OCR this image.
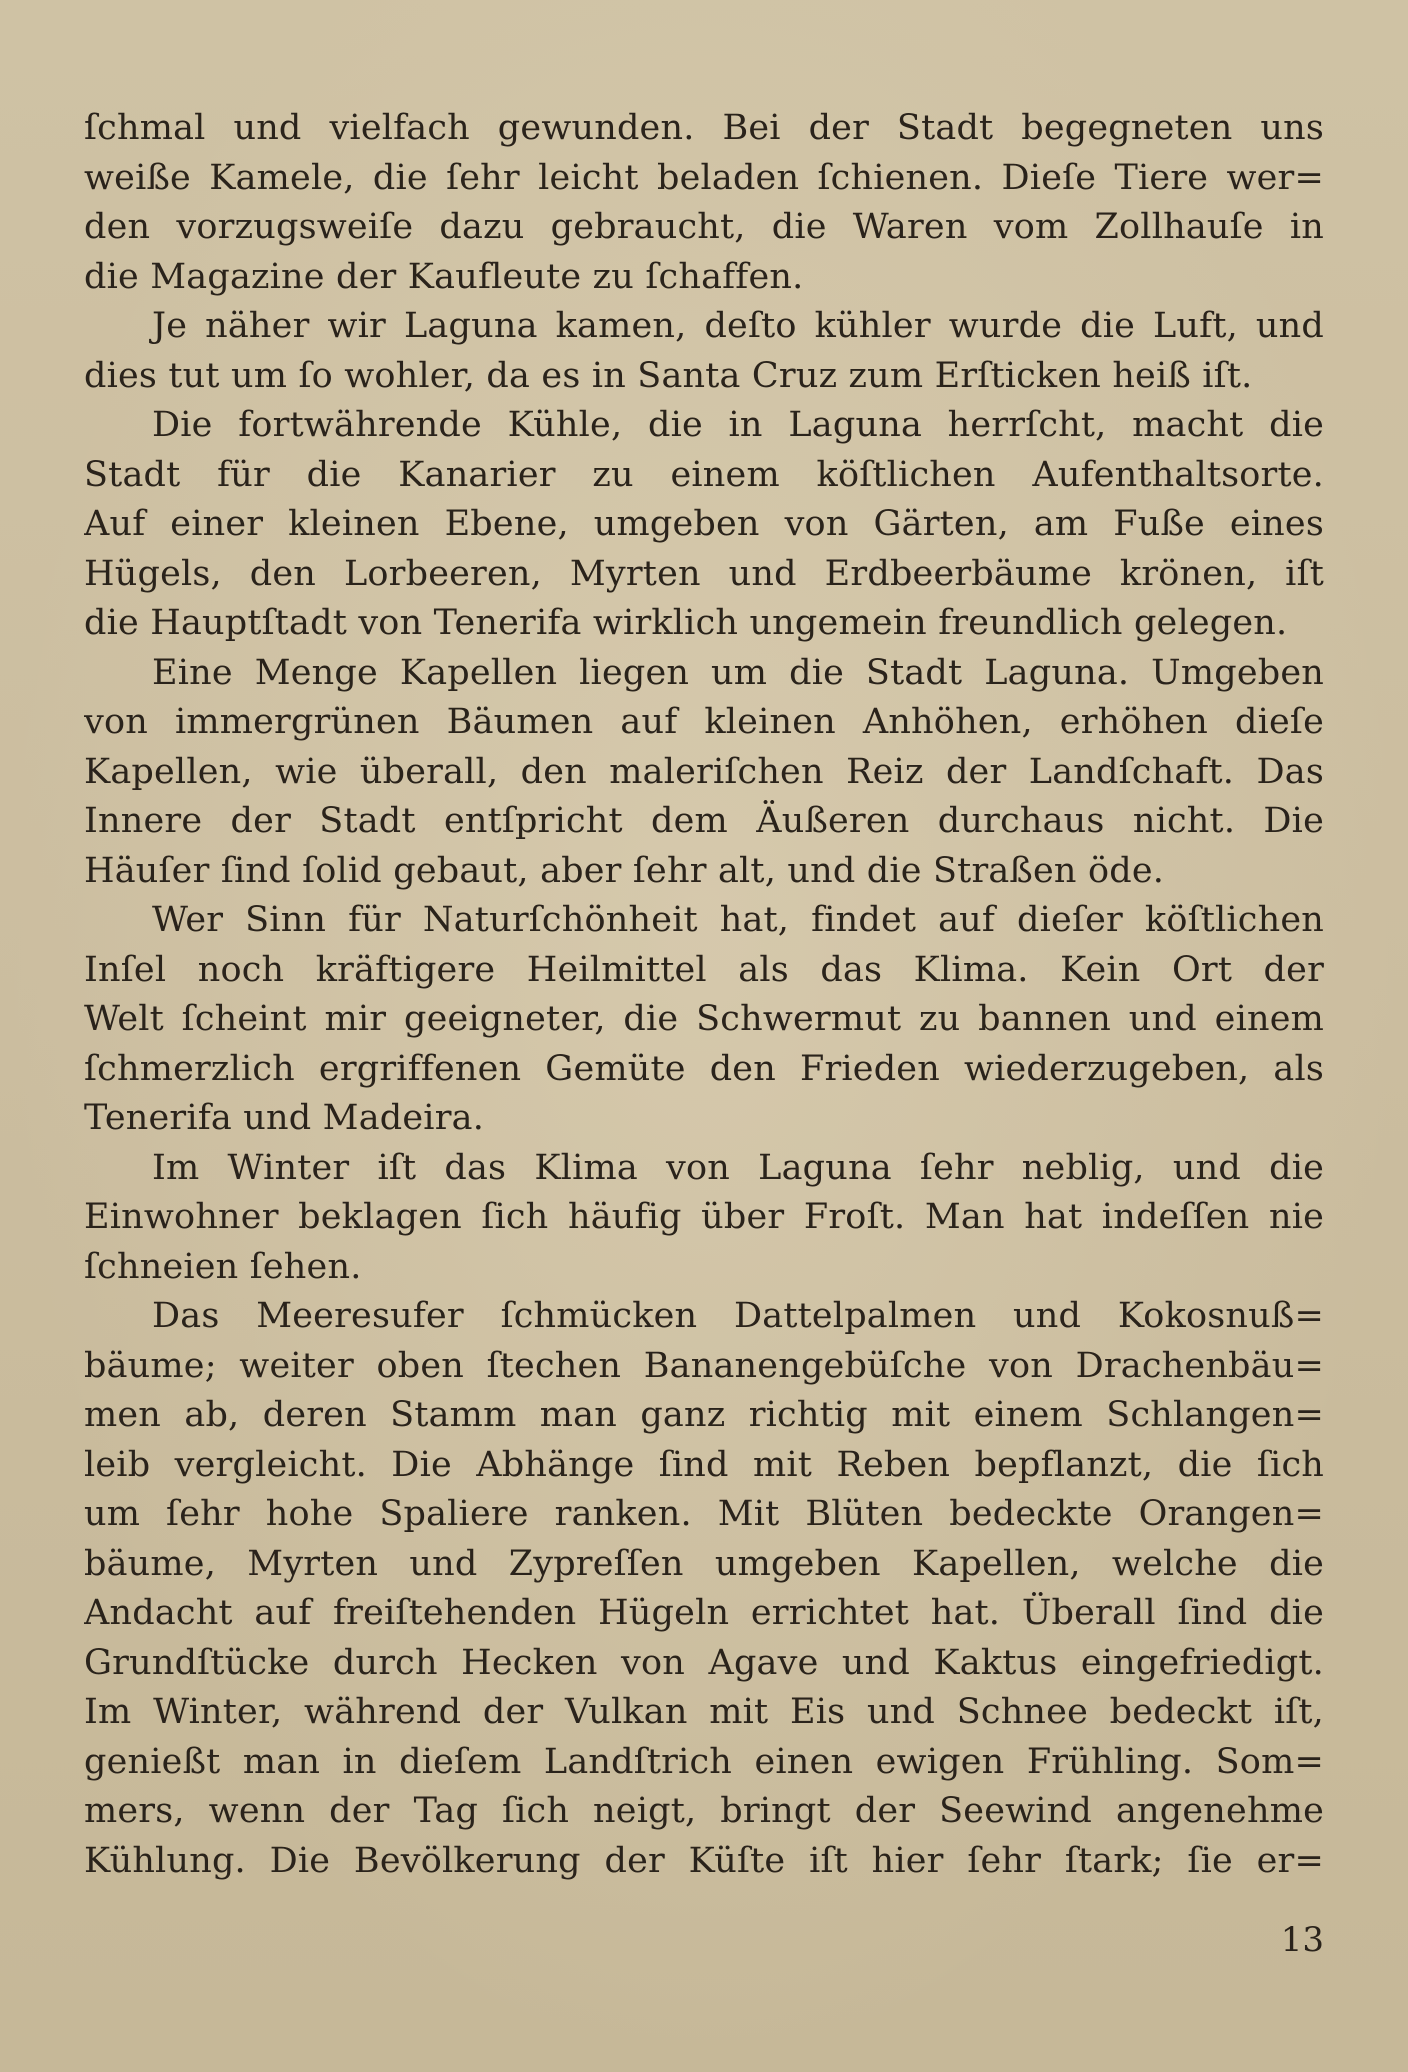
ſchmal und vielfach gewunden. Bei der Stadt begegneten uns
weiße Kamele, die ſehr leicht beladen ſchienen. Dieſe Tiere wer=
den vorzugsweiſe dazu gebraucht, die Waren vom Zollhauſe in
die Magazine der Kaufleute zu ſchaffen.
Je näher wir Laguna kamen, deſto kühler wurde die Luft, und
dies tut um ſo wohler, da es in Santa Cruz zum Erſticken heiß iſt.
Die fortwährende Kühle, die in Laguna herrſcht, macht die
Stadt für die Kanarier zu einem köſtlichen Aufenthaltsorte.
Auf einer kleinen Ebene, umgeben von Gärten, am Fuße eines
Hügels, den Lorbeeren, Myrten und Erdbeerbäume krönen, iſt
die Hauptſtadt von Tenerifa wirklich ungemein freundlich gelegen.
Eine Menge Kapellen liegen um die Stadt Laguna. Umgeben
von immergrünen Bäumen auf kleinen Anhöhen, erhöhen dieſe
Kapellen, wie überall, den maleriſchen Reiz der Landſchaft. Das
Innere der Stadt entſpricht dem Äußeren durchaus nicht. Die
Häuſer ſind ſolid gebaut, aber ſehr alt, und die Straßen öde.
Wer Sinn für Naturſchönheit hat, findet auf dieſer köſtlichen
Inſel noch kräftigere Heilmittel als das Klima. Kein Ort der
Welt ſcheint mir geeigneter, die Schwermut zu bannen und einem
ſchmerzlich ergriffenen Gemüte den Frieden wiederzugeben, als
Tenerifa und Madeira.
Im Winter iſt das Klima von Laguna ſehr neblig, und die
Einwohner beklagen ſich häufig über Froſt. Man hat indeſſen nie
ſchneien ſehen.
Das Meeresufer ſchmücken Dattelpalmen und Kokosnuß=
bäume; weiter oben ſtechen Bananengebüſche von Drachenbäu=
men ab, deren Stamm man ganz richtig mit einem Schlangen=
leib vergleicht. Die Abhänge ſind mit Reben bepflanzt, die ſich
um ſehr hohe Spaliere ranken. Mit Blüten bedeckte Orangen=
bäume, Myrten und Zypreſſen umgeben Kapellen, welche die
Andacht auf freiſtehenden Hügeln errichtet hat. Überall ſind die
Grundſtücke durch Hecken von Agave und Kaktus eingefriedigt.
Im Winter, während der Vulkan mit Eis und Schnee bedeckt iſt,
genießt man in dieſem Landſtrich einen ewigen Frühling. Som=
mers, wenn der Tag ſich neigt, bringt der Seewind angenehme
Kühlung. Die Bevölkerung der Küſte iſt hier ſehr ſtark; ſie er=
13
